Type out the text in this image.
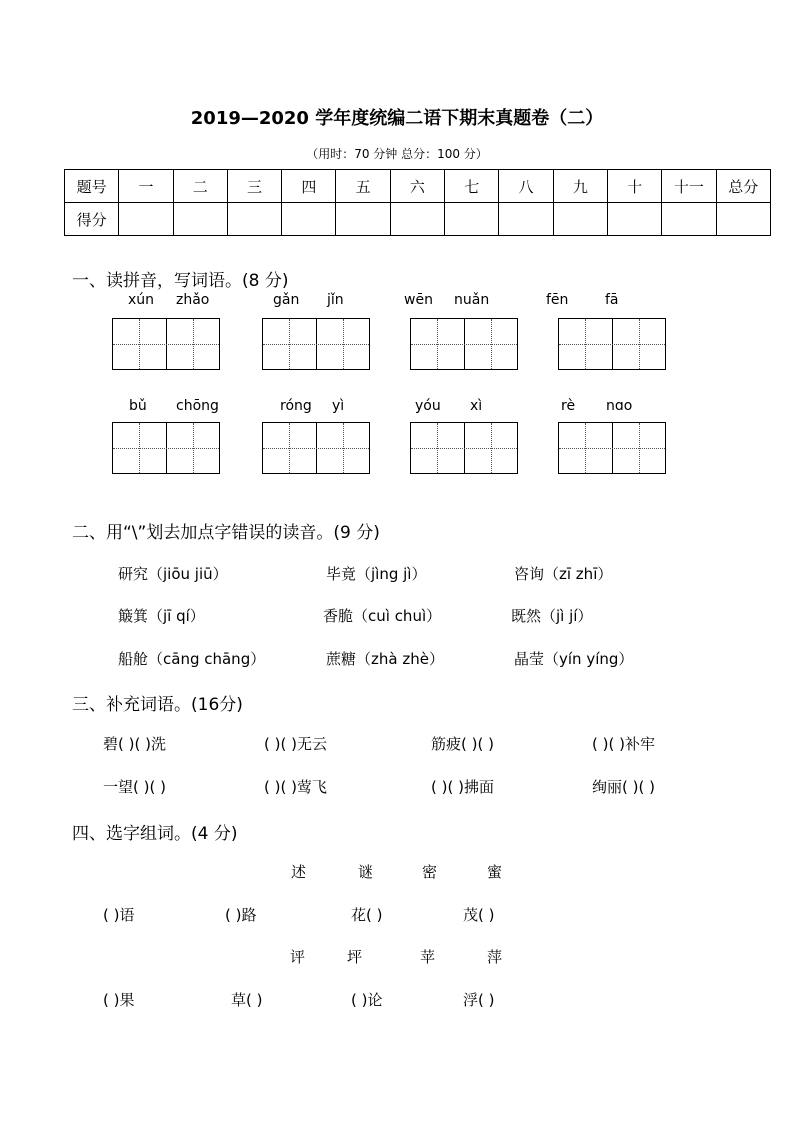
2019—2020 学年度统编二语下期末真题卷（二）
（用时：70 分钟 总分：100 分）
题号	一	二	三	四	五	六	七	八	九	十	十一	总分
得分												
一、读拼音，写词语。(8 分)
xún zhǎo	gǎn jǐn	wēn nuǎn	fēn	fā
bǔ chōng	róng yì	yóu xì	rè nɑo
二、用“\”划去加点字错误的读音。(9 分)
研究（jiōu jiū）	毕竟（jìng jì）	咨询（zī zhī）
簸箕（jī qí）	香脆（cuì chuì）	既然（jì jí）
船舱（cāng chāng）	蔗糖（zhà zhè）	晶莹（yín yíng）
三、补充词语。(16分)
碧( )( )洗	( )( )无云	筋疲( )( )	( )( )补牢
一望( )( )	( )( )莺飞	( )( )拂面	绚丽( )( )
四、选字组词。(4 分)
述	谜	密	蜜
( )语	( )路	花( )	茂( )
评	坪	苹	萍
( )果	草( )	( )论	浮( )
